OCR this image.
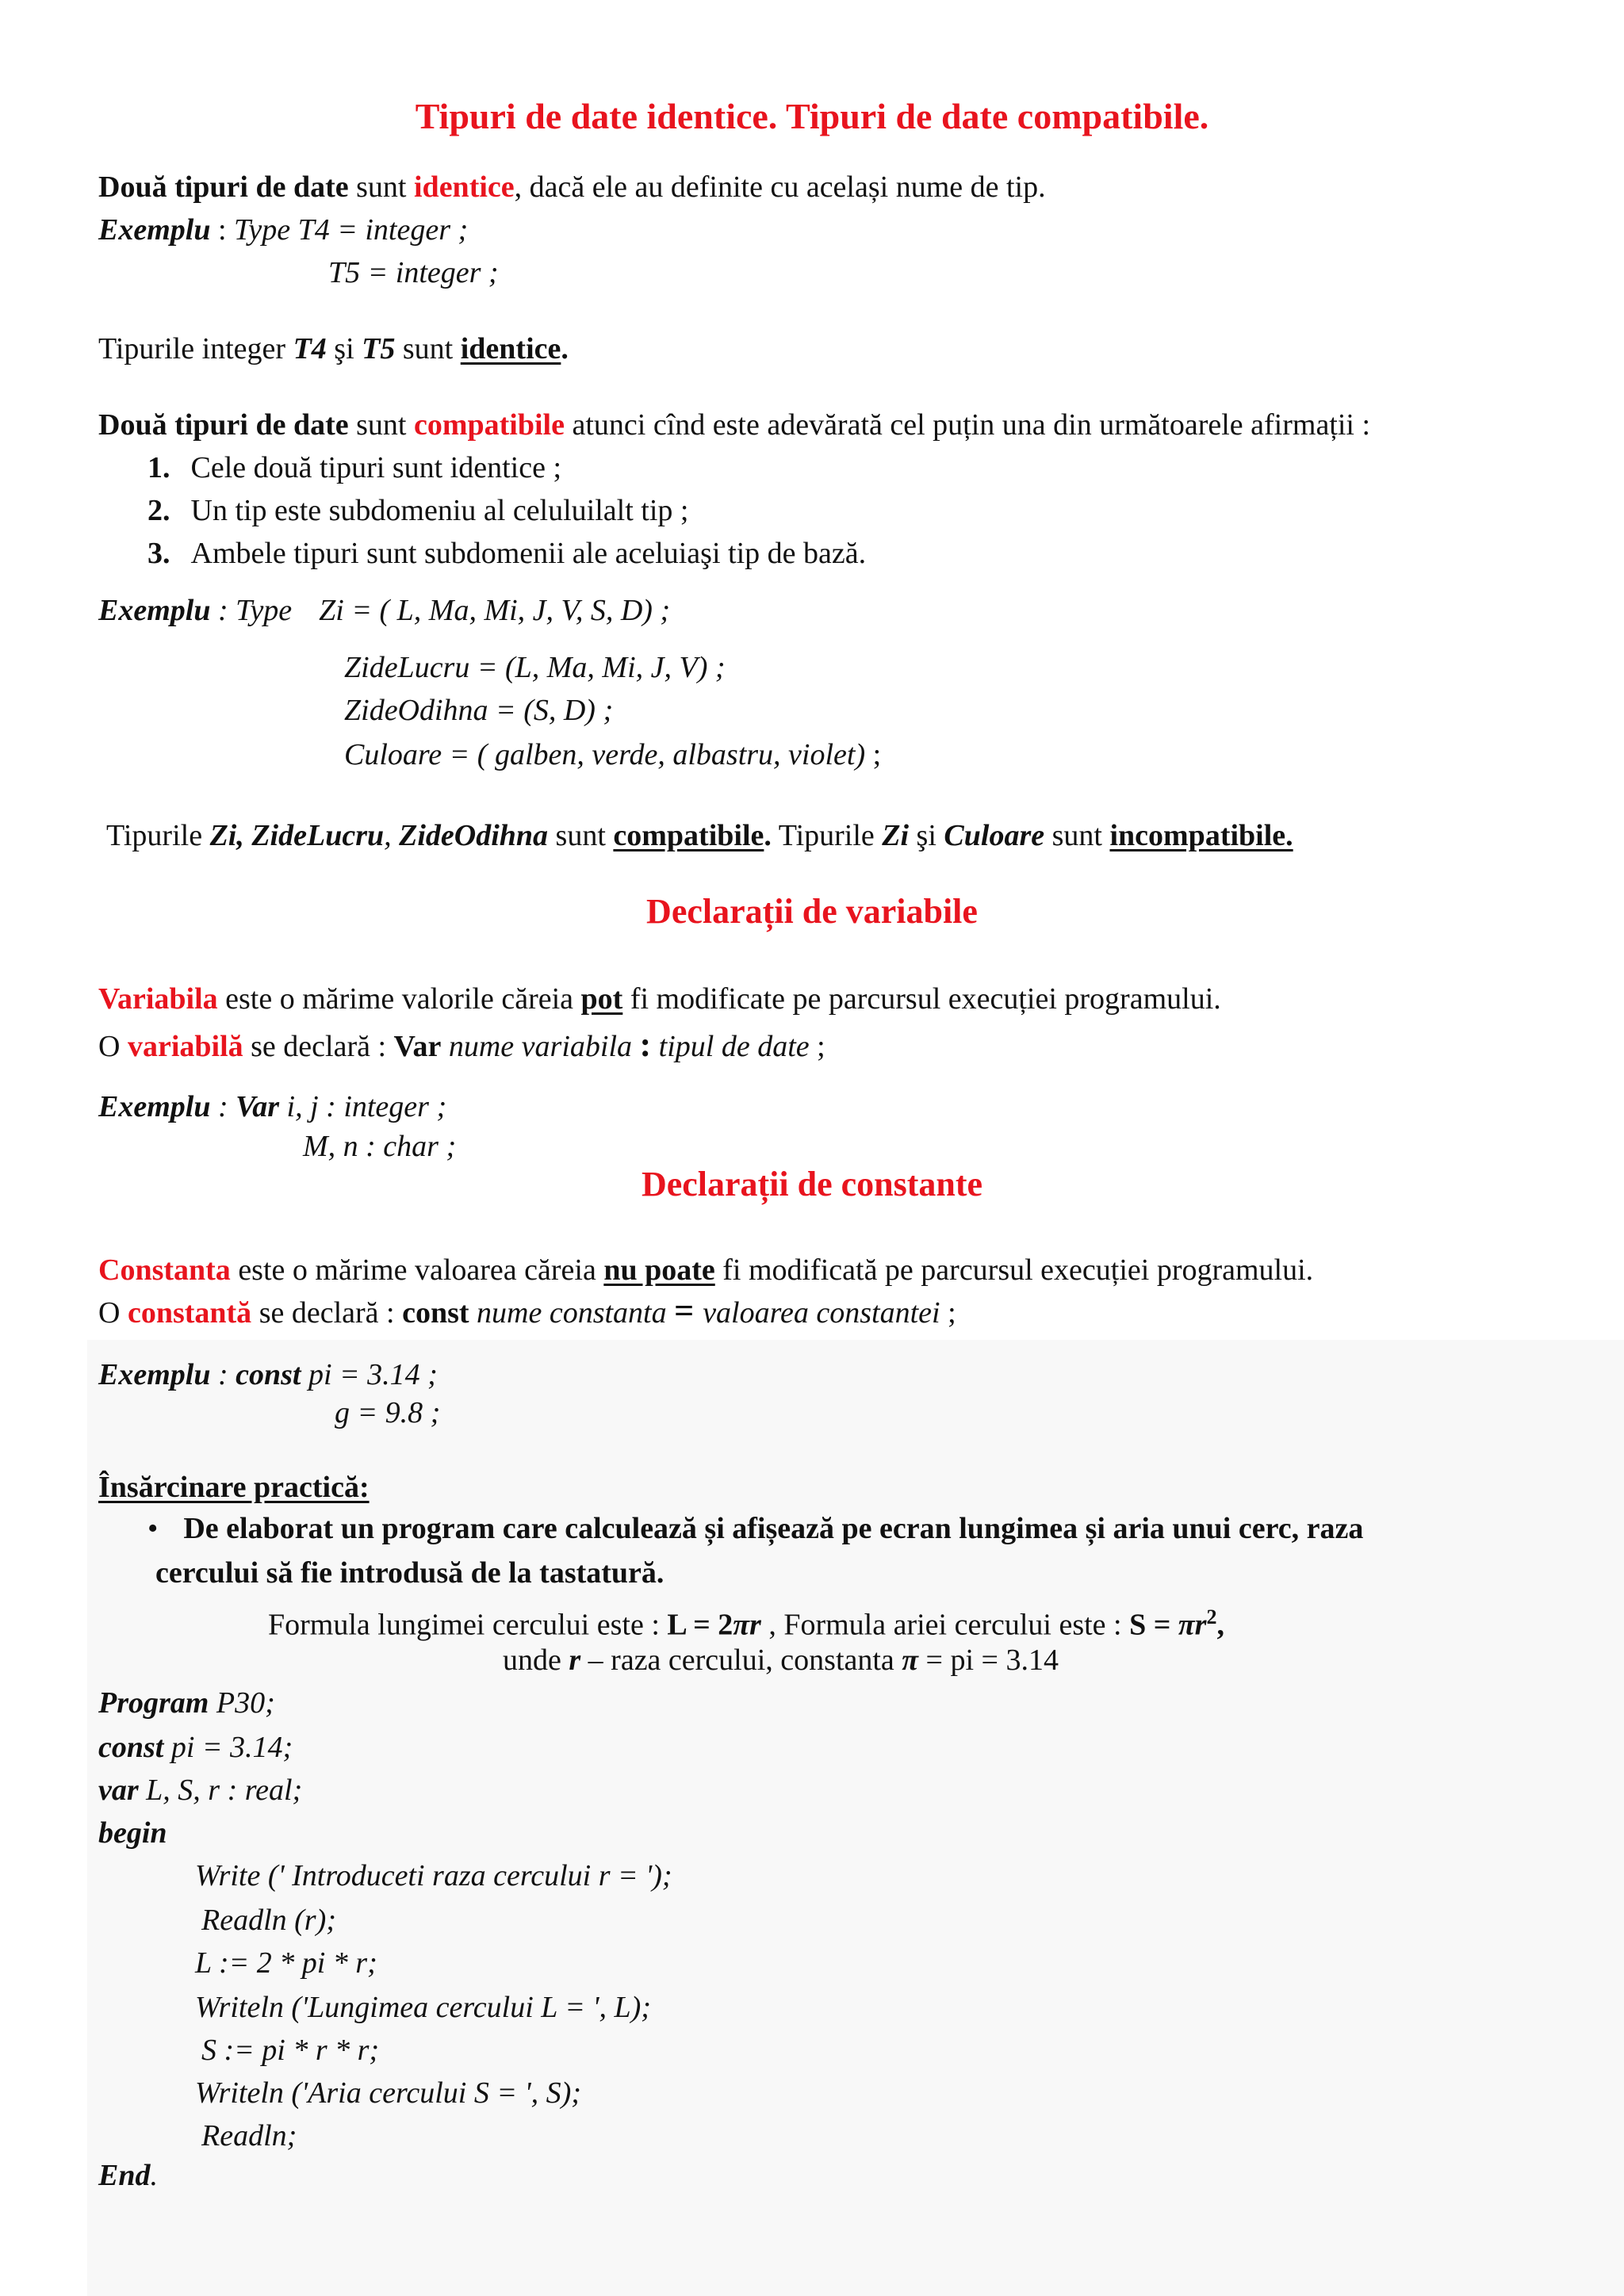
Tipuri de date identice. Tipuri de date compatibile.
Două tipuri de date sunt identice, dacă ele au definite cu același nume de tip.
Exemplu : Type T4 = integer ;
T5 = integer ;
Tipurile integer T4 şi T5 sunt identice.
Două tipuri de date sunt compatibile atunci cînd este adevărată cel puțin una din următoarele afirmații :
1. Cele două tipuri sunt identice ;
2. Un tip este subdomeniu al celuluilalt tip ;
3. Ambele tipuri sunt subdomenii ale aceluiaşi tip de bază.
Exemplu : Type Zi = ( L, Ma, Mi, J, V, S, D) ;
ZideLucru = (L, Ma, Mi, J, V) ;
ZideOdihna = (S, D) ;
Culoare = ( galben, verde, albastru, violet) ;
Tipurile Zi, ZideLucru, ZideOdihna sunt compatibile. Tipurile Zi şi Culoare sunt incompatibile.
Declarații de variabile
Variabila este o mărime valorile căreia pot fi modificate pe parcursul execuției programului.
O variabilă se declară : Var nume variabila : tipul de date ;
Exemplu : Var i, j : integer ;
M, n : char ;
Declarații de constante
Constanta este o mărime valoarea căreia nu poate fi modificată pe parcursul execuției programului.
O constantă se declară : const nume constanta = valoarea constantei ;
Exemplu : const pi = 3.14 ;
g = 9.8 ;
Însărcinare practică:
• De elaborat un program care calculează și afișează pe ecran lungimea și aria unui cerc, raza
cercului să fie introdusă de la tastatură.
Formula lungimei cercului este : L = 2πr , Formula ariei cercului este : $S = \pi r^2$,
unde r – raza cercului, constanta π = pi = 3.14
Program P30;
const pi = 3.14;
var L, S, r : real;
begin
Write (' Introduceti raza cercului r = ');
Readln (r);
L := 2 * pi * r;
Writeln ('Lungimea cercului L = ', L);
S := pi * r * r;
Writeln ('Aria cercului S = ', S);
Readln;
End.
